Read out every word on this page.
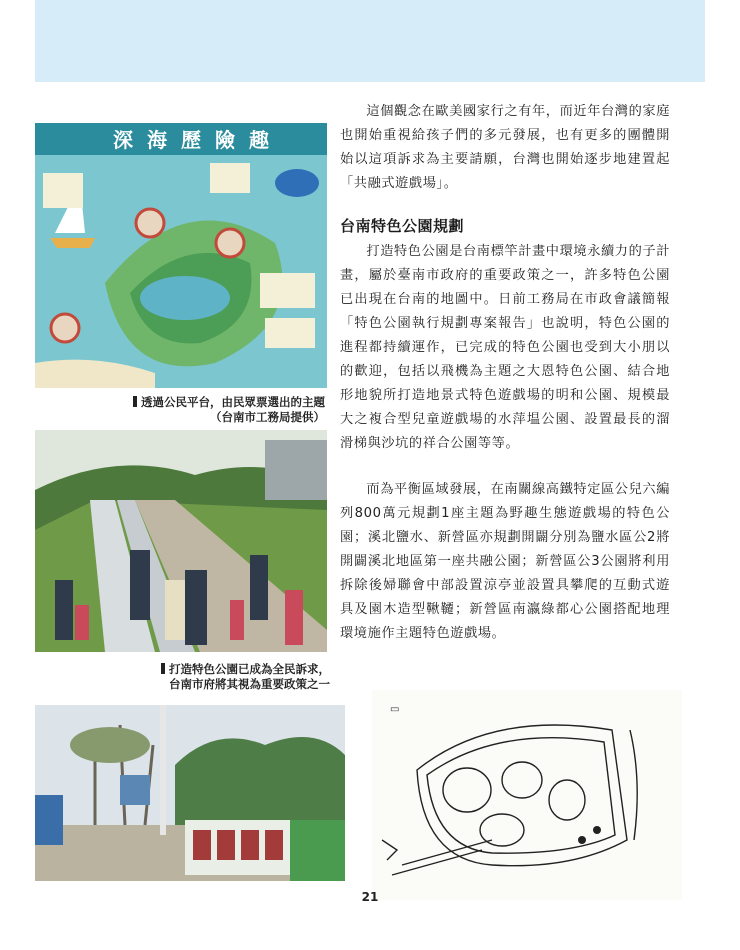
深 海 歷 險 趣
透過公民平台，由民眾票選出的主題
（台南市工務局提供）
打造特色公園已成為全民訴求，
台南市府將其視為重要政策之一
▭

這個觀念在歐美國家行之有年，而近年台灣的家庭也開始重視給孩子們的多元發展，也有更多的團體開始以這項訴求為主要請願，台灣也開始逐步地建置起「共融式遊戲場」。

台南特色公園規劃

打造特色公園是台南標竿計畫中環境永續力的子計畫，屬於臺南市政府的重要政策之一，許多特色公園已出現在台南的地圖中。日前工務局在市政會議簡報「特色公園執行規劃專案報告」也說明，特色公園的進程都持續運作，已完成的特色公園也受到大小朋以的歡迎，包括以飛機為主題之大恩特色公園、結合地形地貌所打造地景式特色遊戲場的明和公園、規模最大之複合型兒童遊戲場的水萍塭公園、設置最長的溜滑梯與沙坑的祥合公園等等。

而為平衡區域發展，在南關線高鐵特定區公兒六編列800萬元規劃1座主題為野趣生態遊戲場的特色公園；溪北鹽水、新營區亦規劃開闢分別為鹽水區公2將開闢溪北地區第一座共融公園；新營區公3公園將利用拆除後婦聯會中部設置涼亭並設置具攀爬的互動式遊具及園木造型鞦韆；新營區南瀛綠都心公園搭配地理環境施作主題特色遊戲場。

21
